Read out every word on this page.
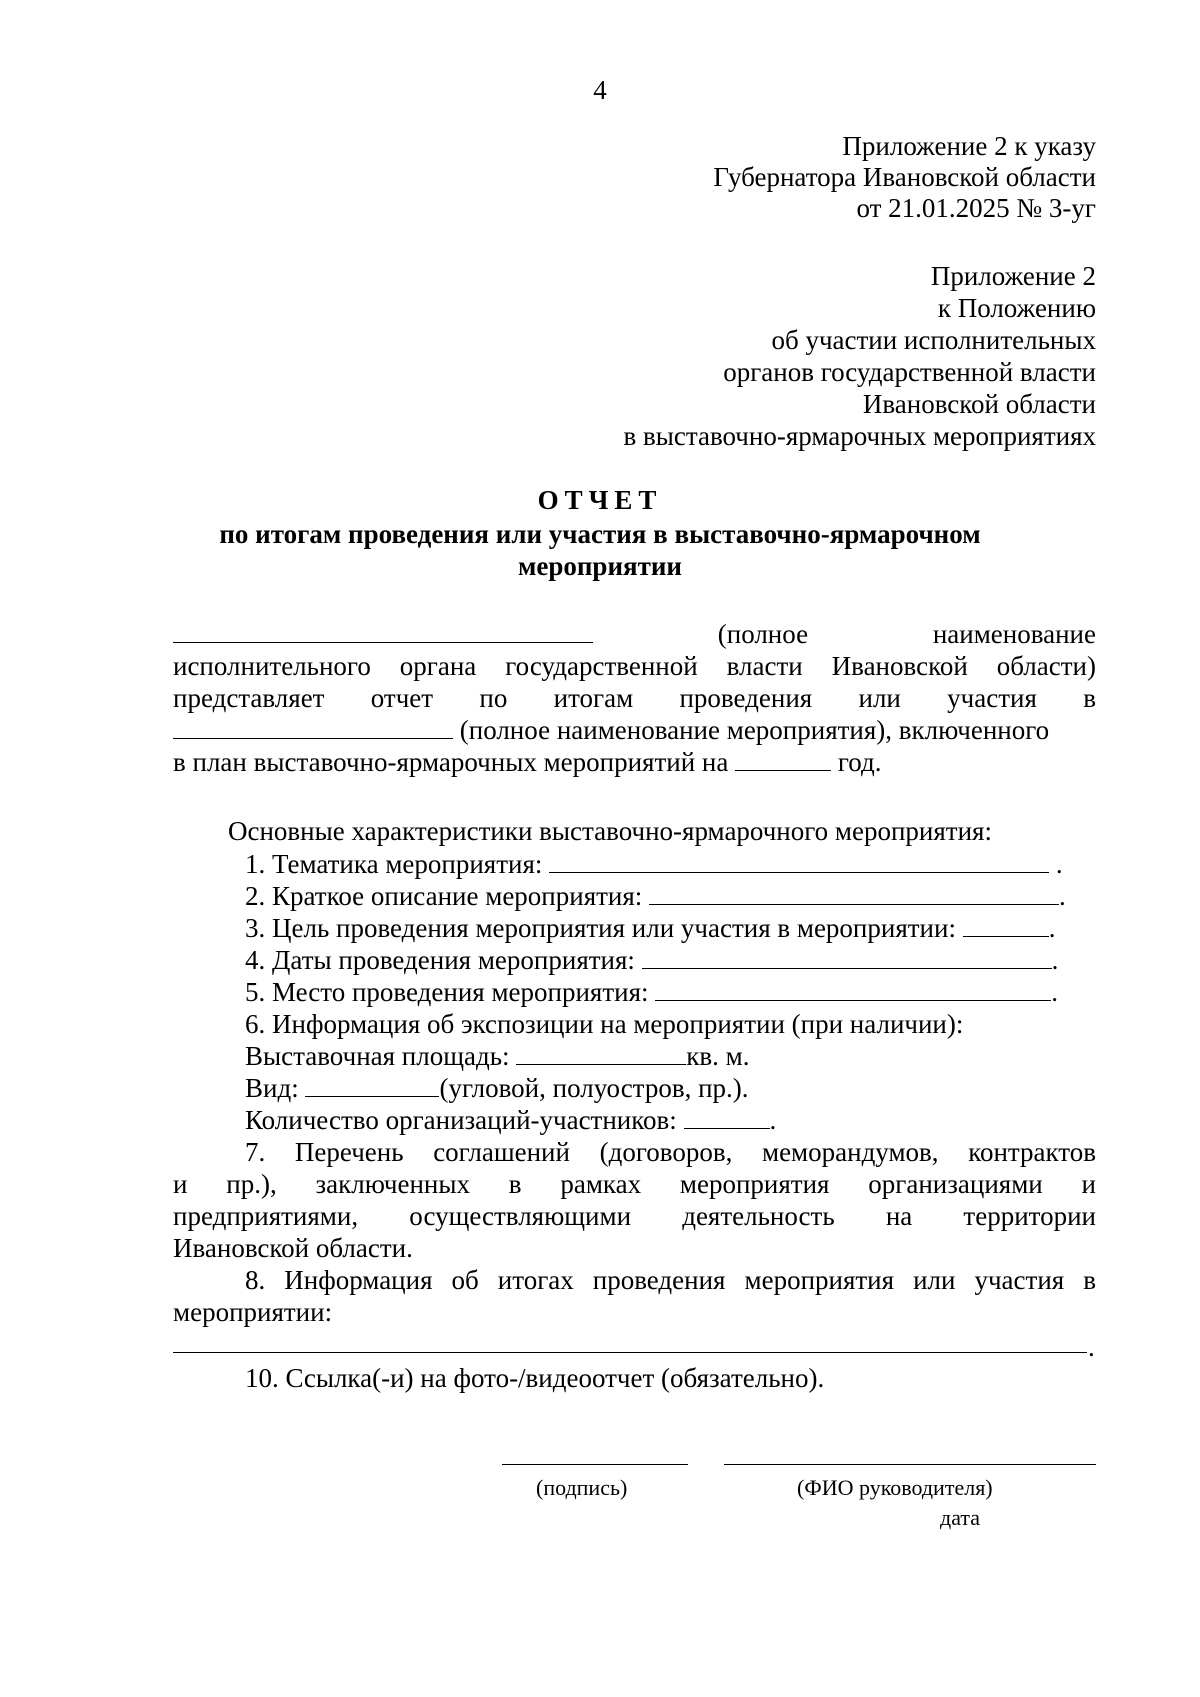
4
Приложение 2 к указу
Губернатора Ивановской области
от 21.01.2025 № 3-уг
Приложение 2
к Положению
об участии исполнительных
органов государственной власти
Ивановской области
в выставочно-ярмарочных мероприятиях
ОТЧЕТ
по итогам проведения или участия в выставочно-ярмарочном
мероприятии
(полное	наименование
исполнительного органа государственной власти Ивановской области)
представляет отчет по итогам проведения или участия в
(полное наименование мероприятия), включенного
в план выставочно-ярмарочных мероприятий на	год.
Основные характеристики выставочно-ярмарочного мероприятия:
1. Тематика мероприятия:	.
2. Краткое описание мероприятия:	.
3. Цель проведения мероприятия или участия в мероприятии:	.
4. Даты проведения мероприятия:	.
5. Место проведения мероприятия:	.
6. Информация об экспозиции на мероприятии (при наличии):
Выставочная площадь:	кв. м.
Вид:	(угловой, полуостров, пр.).
Количество организаций-участников:	.
7. Перечень соглашений (договоров, меморандумов, контрактов
и пр.), заключенных в рамках мероприятия организациями и
предприятиями, осуществляющими деятельность на территории
Ивановской области.
8. Информация об итогах проведения мероприятия или участия в
мероприятии:
.
10. Ссылка(-и) на фото-/видеоотчет (обязательно).
(подпись)	(ФИО руководителя)
дата
